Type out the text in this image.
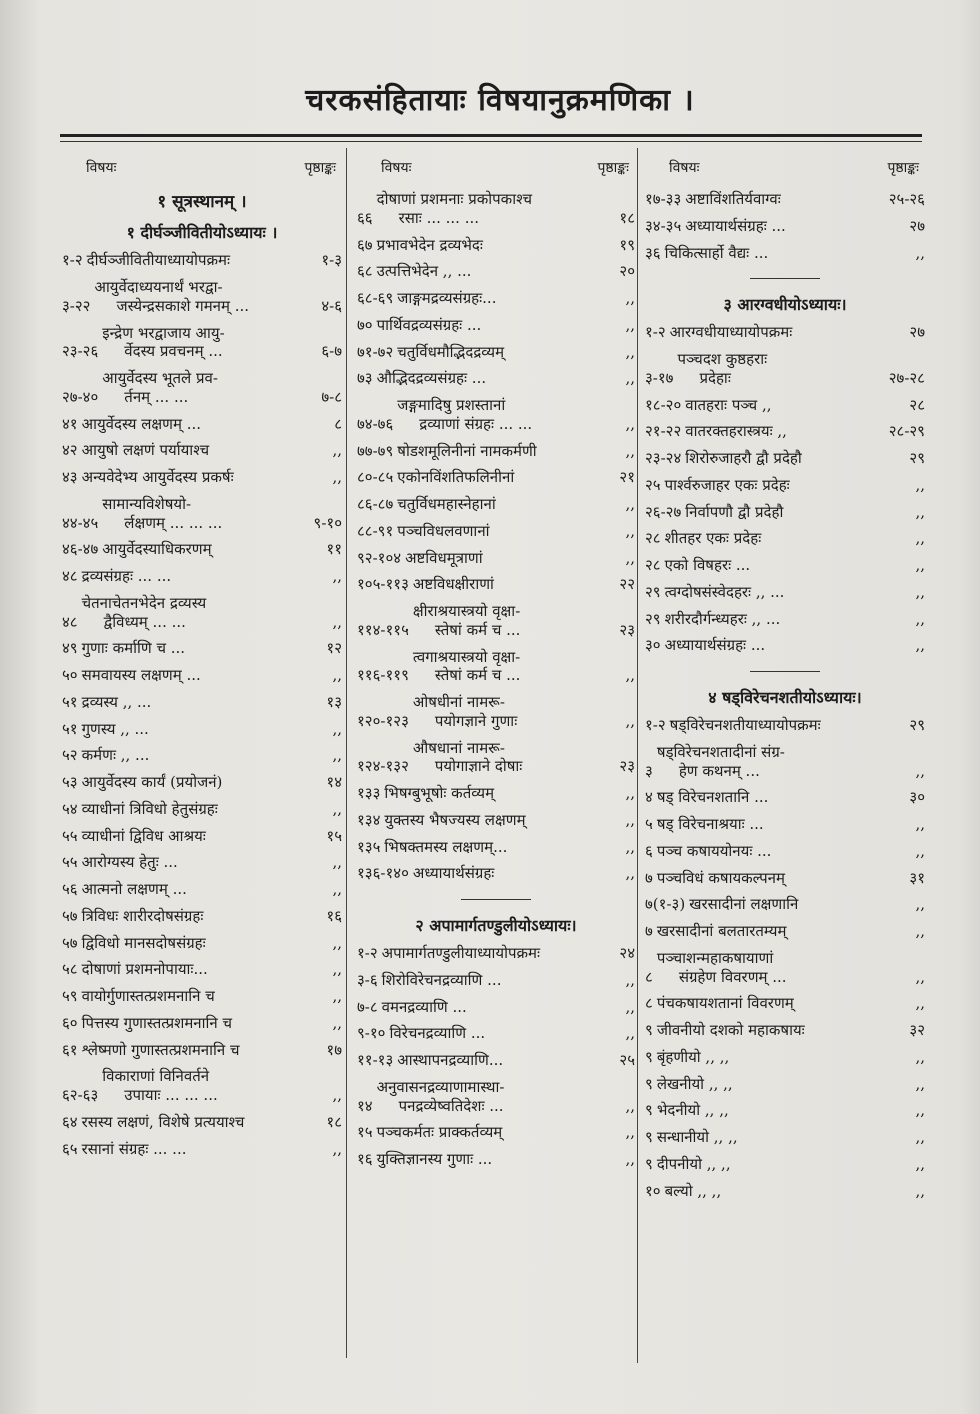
चरकसंहितायाः विषयानुक्रमणिका ।
विषयः	पृष्ठाङ्कः
१ सूत्रस्थानम् ।
१ दीर्घञ्जीवितीयोऽध्यायः ।
१-२ दीर्घञ्जीवितीयाध्यायोपक्रमः	१-३
३-२२
आयुर्वेदाध्ययनार्थं भरद्वा-
जस्येन्द्रसकाशे गमनम् ...	४-६
२३-२६
इन्द्रेण भरद्वाजाय आयु-
र्वेदस्य प्रवचनम् ...	६-७
२७-४०
आयुर्वेदस्य भूतले प्रव-
र्तनम् ... ...	७-८
४१ आयुर्वेदस्य लक्षणम् ...	८
४२ आयुषो लक्षणं पर्यायाश्च	,,
४३ अन्यवेदेभ्य आयुर्वेदस्य प्रकर्षः	,,
४४-४५
सामान्यविशेषयो-
र्लक्षणम् ... ... ...	९-१०
४६-४७ आयुर्वेदस्याधिकरणम्	११
४८ द्रव्यसंग्रहः ... ...	,,
४८
चेतनाचेतनभेदेन द्रव्यस्य
द्वैविध्यम् ... ...	,,
४९ गुणाः कर्माणि च ...	१२
५० समवायस्य लक्षणम् ...	,,
५१ द्रव्यस्य ,, ...	१३
५१ गुणस्य ,, ...	,,
५२ कर्मणः ,, ...	,,
५३ आयुर्वेदस्य कार्यं (प्रयोजनं)	१४
५४ व्याधीनां त्रिविधो हेतुसंग्रहः	,,
५५ व्याधीनां द्विविध आश्रयः	१५
५५ आरोग्यस्य हेतुः ...	,,
५६ आत्मनो लक्षणम् ...	,,
५७ त्रिविधः शारीरदोषसंग्रहः	१६
५७ द्विविधो मानसदोषसंग्रहः	,,
५८ दोषाणां प्रशमनोपायाः...	,,
५९ वायोर्गुणास्तत्प्रशमनानि च	,,
६० पित्तस्य गुणास्तत्प्रशमनानि च	,,
६१ श्लेष्मणो गुणास्तत्प्रशमनानि च	१७
६२-६३
विकाराणां विनिवर्तने
उपायाः ... ... ...	,,
६४ रसस्य लक्षणं, विशेषे प्रत्ययाश्च	१८
६५ रसानां संग्रहः ... ...	,,
विषयः	पृष्ठाङ्कः
६६
दोषाणां प्रशमनाः प्रकोपकाश्च
रसाः ... ... ...	१८
६७ प्रभावभेदेन द्रव्यभेदः	१९
६८ उत्पत्तिभेदेन ,, ...	२०
६८-६९ जाङ्गमद्रव्यसंग्रहः...	,,
७० पार्थिवद्रव्यसंग्रहः ...	,,
७१-७२ चतुर्विधमौद्भिदद्रव्यम्	,,
७३ औद्भिदद्रव्यसंग्रहः ...	,,
७४-७६
जङ्गमादिषु प्रशस्तानां
द्रव्याणां संग्रहः ... ...	,,
७७-७९ षोडशमूलिनीनां नामकर्मणी	,,
८०-८५ एकोनविंशतिफलिनीनां	२१
८६-८७ चतुर्विधमहास्नेहानां	,,
८८-९१ पञ्चविधलवणानां	,,
९२-१०४ अष्टविधमूत्राणां	,,
१०५-११३ अष्टविधक्षीराणां	२२
११४-११५
क्षीराश्रयास्त्रयो वृक्षा-
स्तेषां कर्म च ...	२३
११६-११९
त्वगाश्रयास्त्रयो वृक्षा-
स्तेषां कर्म च ...	,,
१२०-१२३
ओषधीनां नामरू-
पयोगज्ञाने गुणाः	,,
१२४-१३२
औषधानां नामरू-
पयोगाज्ञाने दोषाः	२३
१३३ भिषग्बुभूषोः कर्तव्यम्	,,
१३४ युक्तस्य भैषज्यस्य लक्षणम्	,,
१३५ भिषक्तमस्य लक्षणम्...	,,
१३६-१४० अध्यायार्थसंग्रहः	,,
२ अपामार्गतण्डुलीयोऽध्यायः।
१-२ अपामार्गतण्डुलीयाध्यायोपक्रमः	२४
३-६ शिरोविरेचनद्रव्याणि ...	,,
७-८ वमनद्रव्याणि ...	,,
९-१० विरेचनद्रव्याणि ...	,,
११-१३ आस्थापनद्रव्याणि...	२५
१४
अनुवासनद्रव्याणामास्था-
पनद्रव्येष्वतिदेशः ...	,,
१५ पञ्चकर्मतः प्राक्कर्तव्यम्	,,
१६ युक्तिज्ञानस्य गुणाः ...	,,
विषयः	पृष्ठाङ्कः
१७-३३ अष्टाविंशतिर्यवाग्वः	२५-२६
३४-३५ अध्यायार्थसंग्रहः ...	२७
३६ चिकित्सार्हो वैद्यः ...	,,
३ आरग्वधीयोऽध्यायः।
१-२ आरग्वधीयाध्यायोपक्रमः	२७
३-१७
पञ्चदश कुष्ठहराः
प्रदेहाः	२७-२८
१८-२० वातहराः पञ्च ,,	२८
२१-२२ वातरक्तहरास्त्रयः ,,	२८-२९
२३-२४ शिरोरुजाहरौ द्वौ प्रदेहौ	२९
२५ पार्श्वरुजाहर एकः प्रदेहः	,,
२६-२७ निर्वापणौ द्वौ प्रदेहौ	,,
२८ शीतहर एकः प्रदेहः	,,
२८ एको विषहरः ...	,,
२९ त्वग्दोषसंस्वेदहरः ,, ...	,,
२९ शरीरदौर्गन्ध्यहरः ,, ...	,,
३० अध्यायार्थसंग्रहः ...	,,
४ षड्विरेचनशतीयोऽध्यायः।
१-२ षड्विरेचनशतीयाध्यायोपक्रमः	२९
३
षड्विरेचनशतादीनां संग्र-
हेण कथनम् ...	,,
४ षड् विरेचनशतानि ...	३०
५ षड् विरेचनाश्रयाः ...	,,
६ पञ्च कषाययोनयः ...	,,
७ पञ्चविधं कषायकल्पनम्	३१
७(१-३) खरसादीनां लक्षणानि	,,
७ खरसादीनां बलतारतम्यम्	,,
८
पञ्चाशन्महाकषायाणां
संग्रहेण विवरणम् ...	,,
८ पंचकषायशतानां विवरणम्	,,
९ जीवनीयो दशको महाकषायः	३२
९ बृंहणीयो ,, ,,	,,
९ लेखनीयो ,, ,,	,,
९ भेदनीयो ,, ,,	,,
९ सन्धानीयो ,, ,,	,,
९ दीपनीयो ,, ,,	,,
१० बल्यो ,, ,,	,,
